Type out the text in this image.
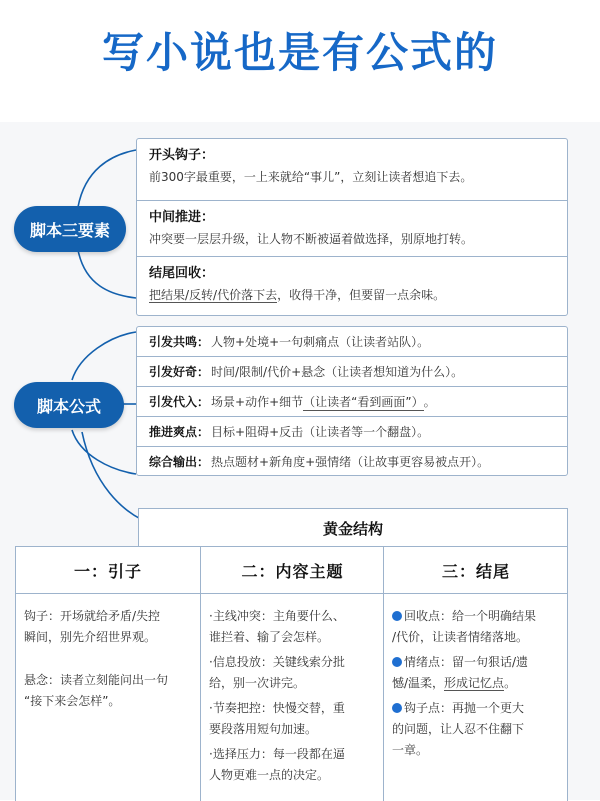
写小说也是有公式的
脚本三要素
开头钩子：
前300字最重要，一上来就给“事儿”，立刻让读者想追下去。
中间推进：
冲突要一层层升级，让人物不断被逼着做选择，别原地打转。
结尾回收：
把结果/反转/代价落下去，收得干净，但要留一点余味。
脚本公式
引发共鸣： 人物+处境+一句刺痛点（让读者站队）。
引发好奇： 时间/限制/代价+悬念（让读者想知道为什么）。
引发代入： 场景+动作+细节 （让读者“看到画面”） 。
推进爽点： 目标+阻碍+反击（让读者等一个翻盘）。
综合输出： 热点题材+新角度+强情绪（让故事更容易被点开）。
黄金结构
一：引子

钩子：开场就给矛盾/失控
瞬间，别先介绍世界观。

悬念：读者立刻能问出一句
“接下来会怎样”。

二：内容主题

·主线冲突：主角要什么、
谁拦着、输了会怎样。

·信息投放：关键线索分批
给，别一次讲完。

·节奏把控：快慢交替，重
要段落用短句加速。

·选择压力：每一段都在逼
人物更难一点的决定。

三：结尾

回收点：给一个明确结果
/代价，让读者情绪落地。

情绪点：留一句狠话/遗
憾/温柔，形成记忆点。

钩子点：再抛一个更大
的问题，让人忍不住翻下
一章。
